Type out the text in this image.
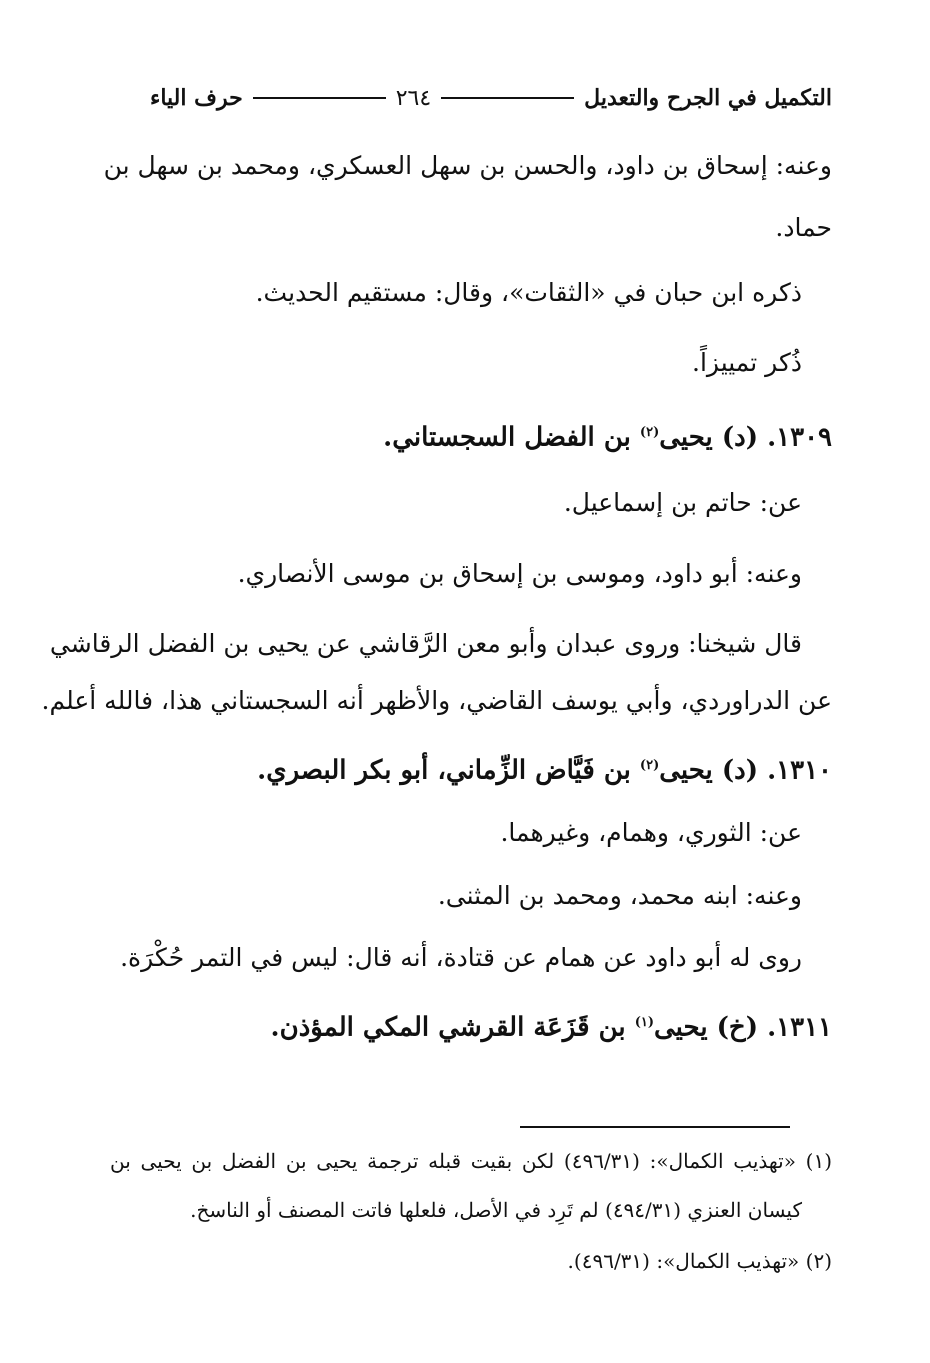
التكميل في الجرح والتعديل
٢٦٤
حرف الياء
وعنه: إسحاق بن داود، والحسن بن سهل العسكري، ومحمد بن سهل بن
حماد.
ذكره ابن حبان في «الثقات»، وقال: مستقيم الحديث.
ذُكر تمييزاً.
١٣٠٩. (د) يحيى$^{(٢)}$ بن الفضل السجستاني.
عن: حاتم بن إسماعيل.
وعنه: أبو داود، وموسى بن إسحاق بن موسى الأنصاري.
قال شيخنا: وروى عبدان وأبو معن الرَّقاشي عن يحيى بن الفضل الرقاشي
عن الدراوردي، وأبي يوسف القاضي، والأظهر أنه السجستاني هذا، فالله أعلم.
١٣١٠. (د) يحيى$^{(٢)}$ بن فَيَّاض الزِّماني، أبو بكر البصري.
عن: الثوري، وهمام، وغيرهما.
وعنه: ابنه محمد، ومحمد بن المثنى.
روى له أبو داود عن همام عن قتادة، أنه قال: ليس في التمر حُكْرَة.
١٣١١. (خ) يحيى$^{(١)}$ بن قَزَعَة القرشي المكي المؤذن.
(١) «تهذيب الكمال»: (٤٩٦/٣١) لكن بقيت قبله ترجمة يحيى بن الفضل بن يحيى بن
كيسان العنزي (٤٩٤/٣١) لم تَرِد في الأصل، فلعلها فاتت المصنف أو الناسخ.
(٢) «تهذيب الكمال»: (٤٩٦/٣١).
